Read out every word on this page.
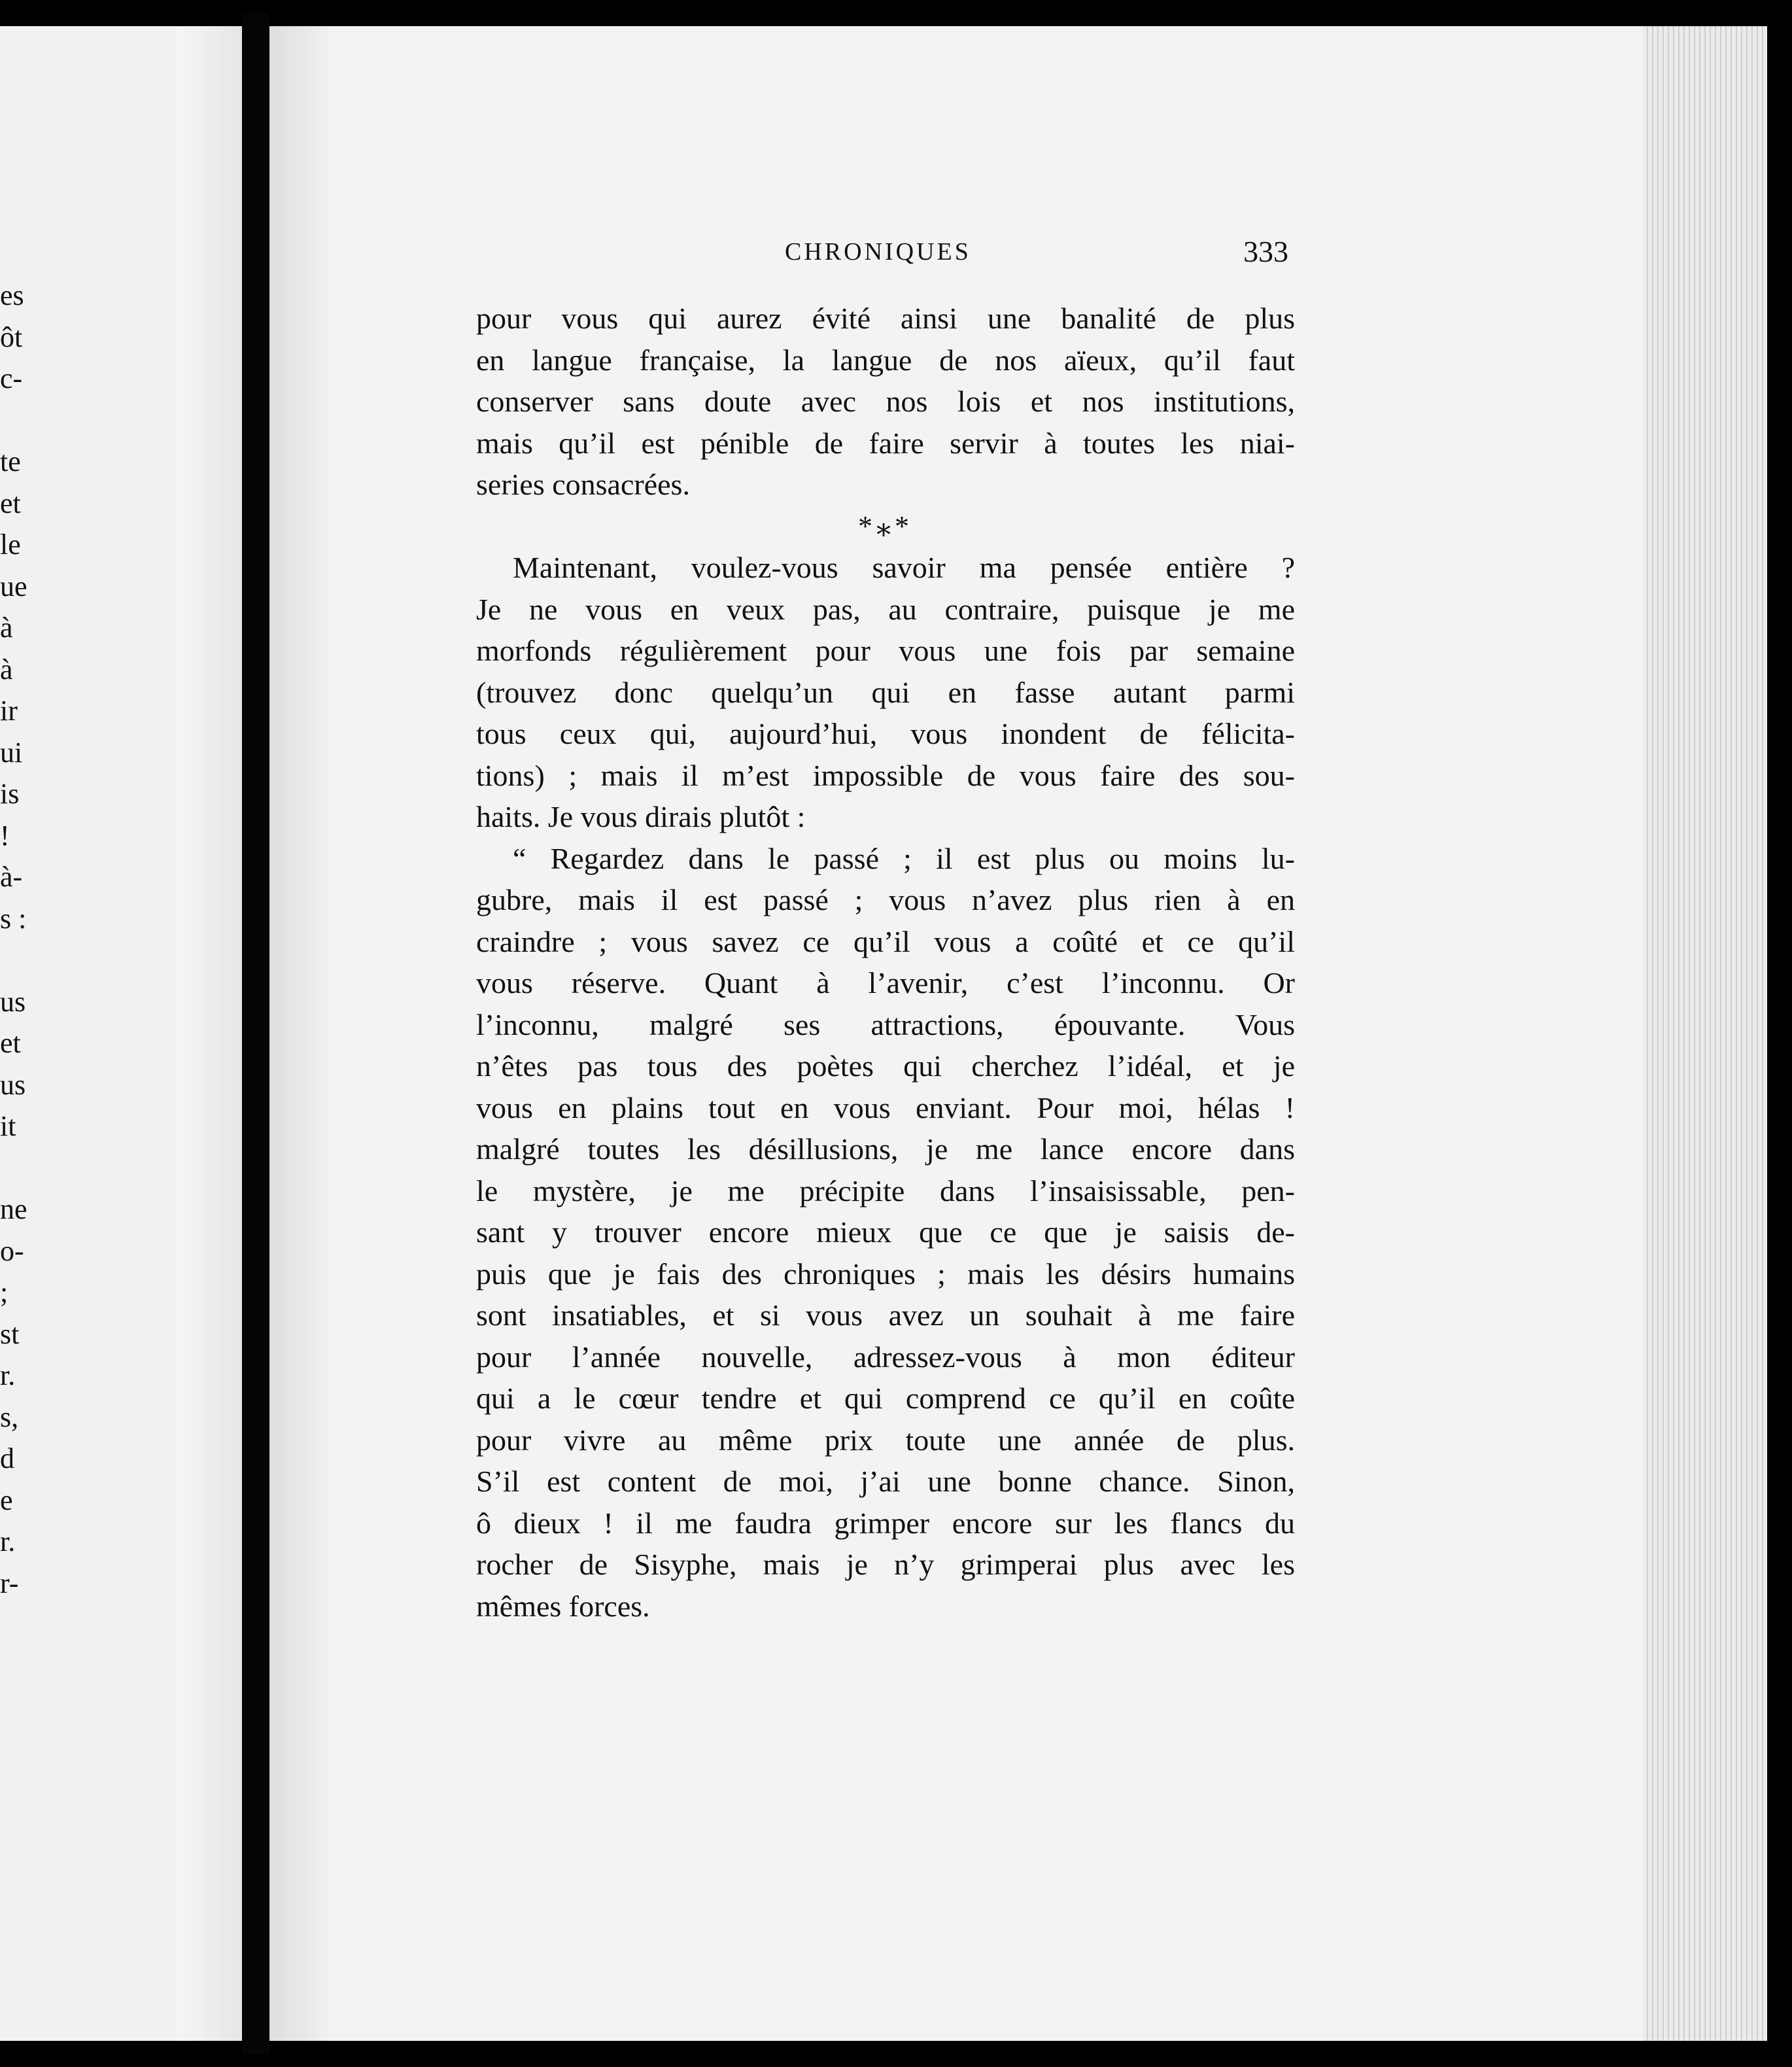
es
ôt
c-
te
et
le
ue
à
à
ir
ui
is
!
à-
s :
us
et
us
it
ne
o-
;
st
r.
s,
d
e
r.
r-
CHRONIQUES	333
pour vous qui aurez évité ainsi une banalité de plus
en langue française, la langue de nos aïeux, qu’il faut
conserver sans doute avec nos lois et nos institutions,
mais qu’il est pénible de faire servir à toutes les niai-
series consacrées.
*⁎*
Maintenant, voulez-vous savoir ma pensée entière ?
Je ne vous en veux pas, au contraire, puisque je me
morfonds régulièrement pour vous une fois par semaine
(trouvez donc quelqu’un qui en fasse autant parmi
tous ceux qui, aujourd’hui, vous inondent de félicita-
tions) ; mais il m’est impossible de vous faire des sou-
haits. Je vous dirais plutôt :
“ Regardez dans le passé ; il est plus ou moins lu-
gubre, mais il est passé ; vous n’avez plus rien à en
craindre ; vous savez ce qu’il vous a coûté et ce qu’il
vous réserve. Quant à l’avenir, c’est l’inconnu. Or
l’inconnu, malgré ses attractions, épouvante. Vous
n’êtes pas tous des poètes qui cherchez l’idéal, et je
vous en plains tout en vous enviant. Pour moi, hélas !
malgré toutes les désillusions, je me lance encore dans
le mystère, je me précipite dans l’insaisissable, pen-
sant y trouver encore mieux que ce que je saisis de-
puis que je fais des chroniques ; mais les désirs humains
sont insatiables, et si vous avez un souhait à me faire
pour l’année nouvelle, adressez-vous à mon éditeur
qui a le cœur tendre et qui comprend ce qu’il en coûte
pour vivre au même prix toute une année de plus.
S’il est content de moi, j’ai une bonne chance. Sinon,
ô dieux ! il me faudra grimper encore sur les flancs du
rocher de Sisyphe, mais je n’y grimperai plus avec les
mêmes forces.
